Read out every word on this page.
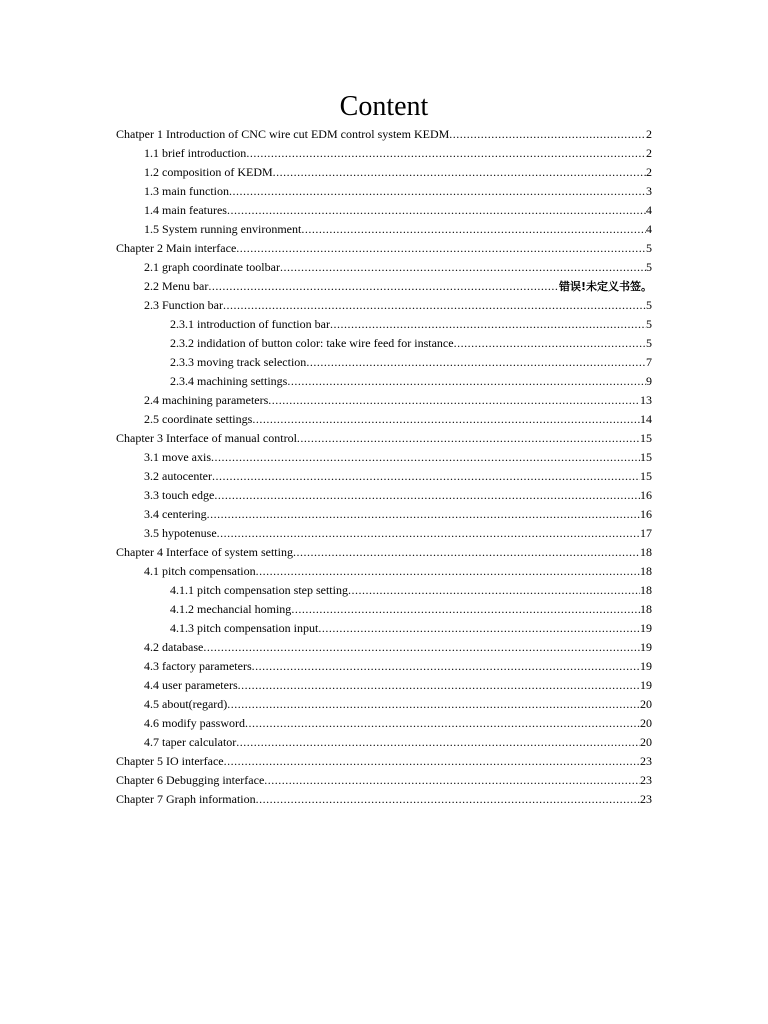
Content
Chatper 1 Introduction of CNC wire cut EDM control system KEDM .....	2
1.1 brief introduction .....	2
1.2 composition of KEDM .....	2
1.3 main function .....	3
1.4 main features .....	4
1.5 System running environment .....	4
Chapter 2 Main interface .....	5
2.1 graph coordinate toolbar .....	5
2.2 Menu bar .....	错误!未定义书签。
2.3 Function bar .....	5
2.3.1 introduction of function bar .....	5
2.3.2 indidation of button color: take wire feed for instance .....	5
2.3.3 moving track selection .....	7
2.3.4 machining settings .....	9
2.4 machining parameters .....	13
2.5 coordinate settings .....	14
Chapter 3 Interface of manual control .....	15
3.1 move axis .....	15
3.2 autocenter .....	15
3.3 touch edge .....	16
3.4 centering .....	16
3.5 hypotenuse .....	17
Chapter 4 Interface of system setting .....	18
4.1 pitch compensation .....	18
4.1.1 pitch compensation step setting .....	18
4.1.2 mechancial homing .....	18
4.1.3 pitch compensation input .....	19
4.2 database .....	19
4.3 factory parameters .....	19
4.4 user parameters .....	19
4.5 about(regard) .....	20
4.6 modify password .....	20
4.7 taper calculator .....	20
Chapter 5 IO interface .....	23
Chapter 6 Debugging interface .....	23
Chapter 7 Graph information .....	23
